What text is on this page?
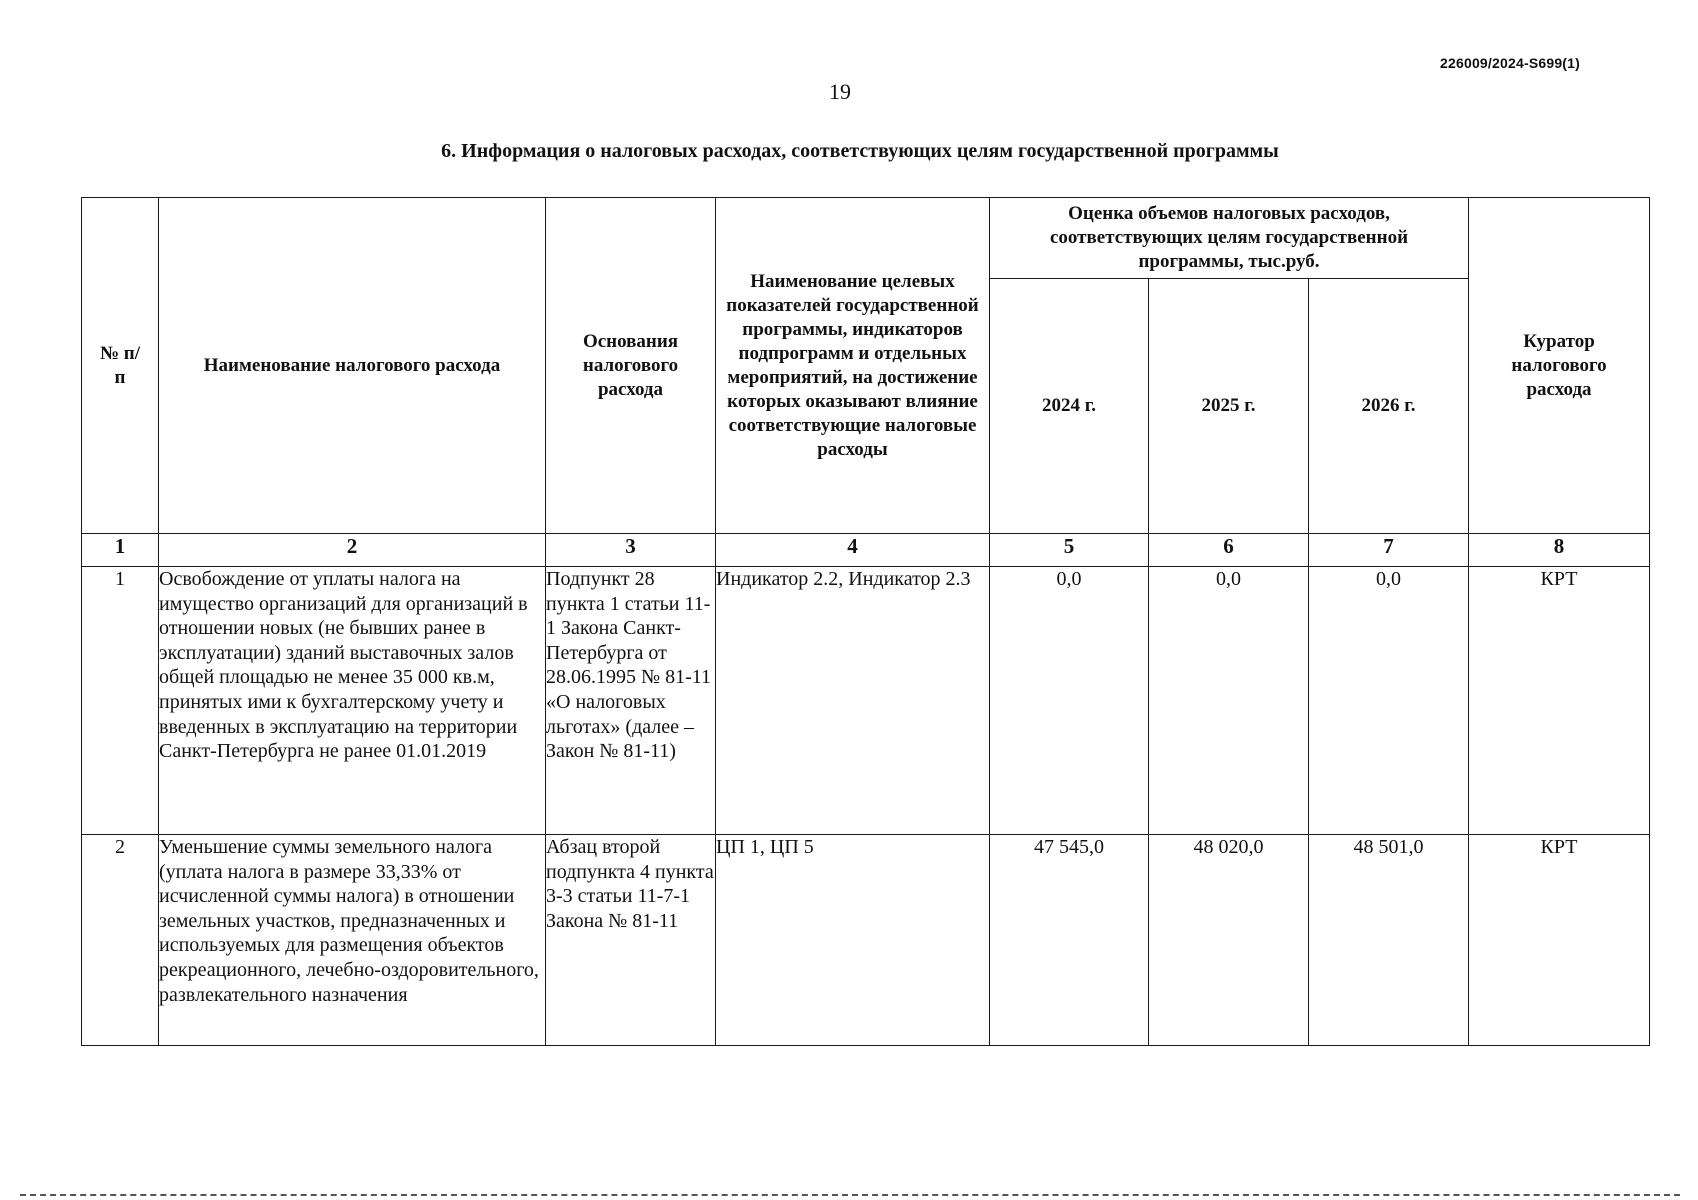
226009/2024-S699(1)
19
6. Информация о налоговых расходах, соответствующих целям государственной программы
№ п/п	Наименование налогового расхода	Основания налогового расхода	Наименование целевых показателей государственной программы, индикаторов подпрограмм и отдельных мероприятий, на достижение которых оказывают влияние соответствующие налоговые расходы	Оценка объемов налоговых расходов, соответствующих целям государственной программы, тыс.руб.			Куратор налогового расхода

				2024 г.	2025 г.	2026 г.	
1	2	3	4	5	6	7	8
1	Освобождение от уплаты налога на имущество организаций для организаций в отношении новых (не бывших ранее в эксплуатации) зданий выставочных залов общей площадью не менее 35 000 кв.м, принятых ими к бухгалтерскому учету и введенных в эксплуатацию на территории Санкт-Петербурга не ранее 01.01.2019	Подпункт 28 пункта 1 статьи 11-1 Закона Санкт-Петербурга от 28.06.1995 № 81-11 «О налоговых льготах» (далее – Закон № 81-11)	Индикатор 2.2, Индикатор 2.3	0,0	0,0	0,0	КРТ
2	Уменьшение суммы земельного налога (уплата налога в размере 33,33% от исчисленной суммы налога) в отношении земельных участков, предназначенных и используемых для размещения объектов рекреационного, лечебно-оздоровительного, развлекательного назначения	Абзац второй подпункта 4 пункта 3-3 статьи 11-7-1 Закона № 81-11	ЦП 1, ЦП 5	47 545,0	48 020,0	48 501,0	КРТ
